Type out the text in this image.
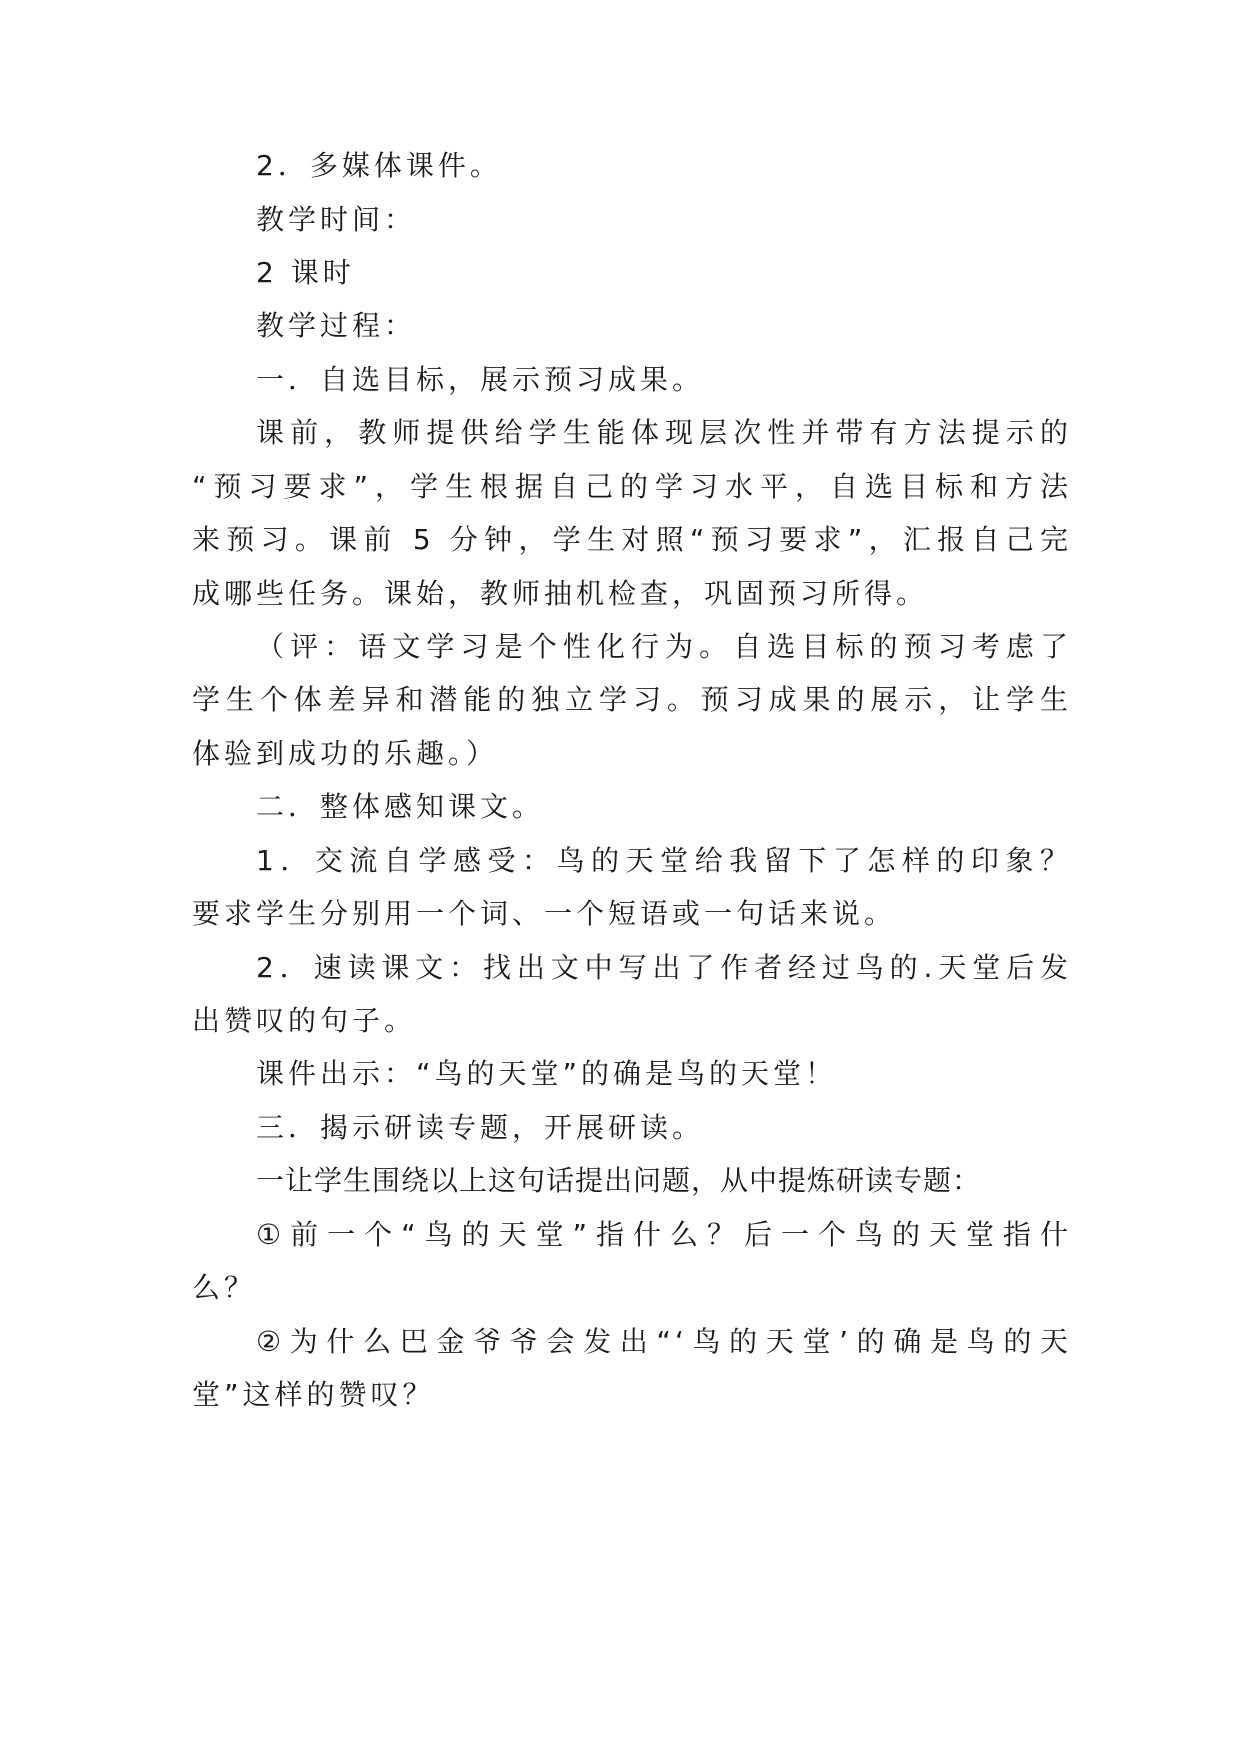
2．多媒体课件。
教学时间：
2 课时
教学过程：
一．自选目标，展示预习成果。
课前，教师提供给学生能体现层次性并带有方法提示的
“预习要求”，学生根据自己的学习水平，自选目标和方法
来预习。课前 5 分钟，学生对照“预习要求”，汇报自己完
成哪些任务。课始，教师抽机检查，巩固预习所得。
（评：语文学习是个性化行为。自选目标的预习考虑了
学生个体差异和潜能的独立学习。预习成果的展示，让学生
体验到成功的乐趣。）
二．整体感知课文。
1．交流自学感受：鸟的天堂给我留下了怎样的印象？
要求学生分别用一个词、一个短语或一句话来说。
2．速读课文：找出文中写出了作者经过鸟的.天堂后发
出赞叹的句子。
课件出示：“鸟的天堂”的确是鸟的天堂！
三．揭示研读专题，开展研读。
一让学生围绕以上这句话提出问题，从中提炼研读专题：
①前一个“鸟的天堂”指什么？后一个鸟的天堂指什
么？
②为什么巴金爷爷会发出“‘鸟的天堂’的确是鸟的天
堂”这样的赞叹？
